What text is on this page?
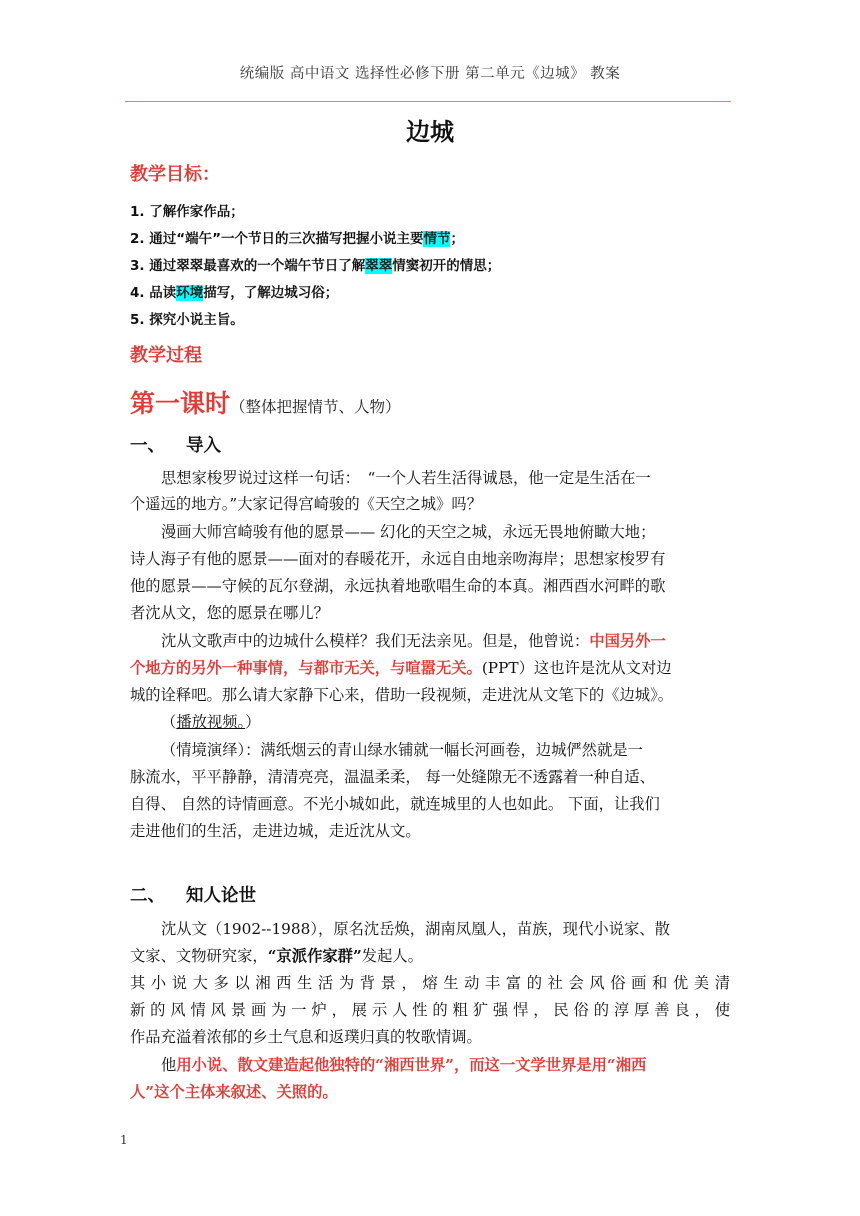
统编版 高中语文 选择性必修下册 第二单元《边城》 教案
边城
教学目标：
1. 了解作家作品；
2. 通过“端午”一个节日的三次描写把握小说主要情节；
3. 通过翠翠最喜欢的一个端午节日了解翠翠情窦初开的情思；
4. 品读环境描写，了解边城习俗；
5. 探究小说主旨。
教学过程
第一课时（整体把握情节、人物）
一、 导入
思想家梭罗说过这样一句话：　“一个人若生活得诚恳，他一定是生活在一
个遥远的地方。”大家记得宫崎骏的《天空之城》吗？
漫画大师宫崎骏有他的愿景—— 幻化的天空之城，永远无畏地俯瞰大地；
诗人海子有他的愿景——面对的春暖花开，永远自由地亲吻海岸；思想家梭罗有
他的愿景——守候的瓦尔登湖，永远执着地歌唱生命的本真。湘西酉水河畔的歌
者沈从文，您的愿景在哪儿？
沈从文歌声中的边城什么模样？我们无法亲见。但是，他曾说：中国另外一
个地方的另外一种事情，与都市无关，与喧嚣无关。(PPT）这也许是沈从文对边
城的诠释吧。那么请大家静下心来，借助一段视频，走进沈从文笔下的《边城》。
（播放视频。）
（情境演绎）：满纸烟云的青山绿水铺就一幅长河画卷，边城俨然就是一
脉流水，平平静静，清清亮亮，温温柔柔， 每一处缝隙无不透露着一种自适、
自得、 自然的诗情画意。不光小城如此，就连城里的人也如此。 下面，让我们
走进他们的生活，走进边城，走近沈从文。
二、 知人论世
沈从文（1902--1988），原名沈岳焕，湖南凤凰人，苗族，现代小说家、散
文家、文物研究家，“京派作家群”发起人。
其小说大多以湘西生活为背景，熔生动丰富的社会风俗画和优美清
新的风情风景画为一炉，展示人性的粗犷强悍，民俗的淳厚善良，使
作品充溢着浓郁的乡土气息和返璞归真的牧歌情调。
他用小说、散文建造起他独特的“湘西世界”，而这一文学世界是用“湘西
人”这个主体来叙述、关照的。
1
